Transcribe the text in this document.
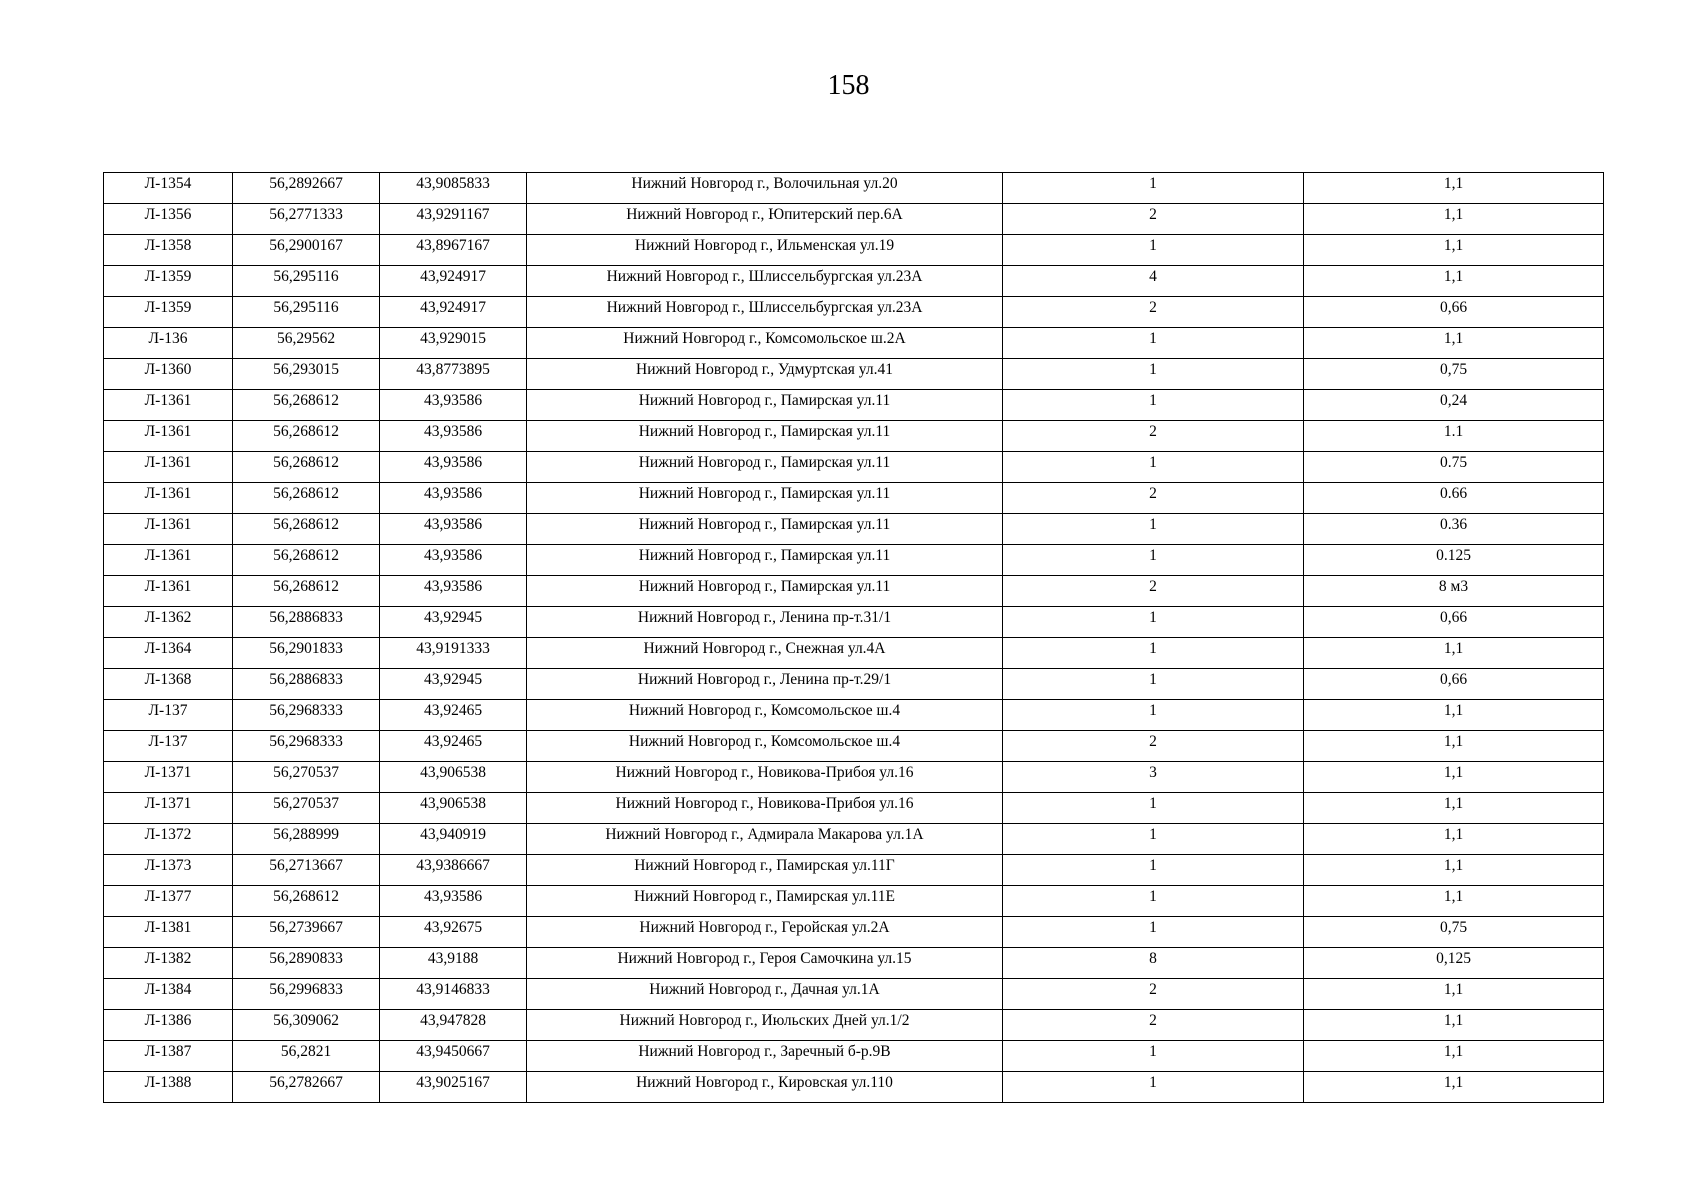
158
Л-1354	56,2892667	43,9085833	Нижний Новгород г., Волочильная ул.20	1	1,1
Л-1356	56,2771333	43,9291167	Нижний Новгород г., Юпитерский пер.6А	2	1,1
Л-1358	56,2900167	43,8967167	Нижний Новгород г., Ильменская ул.19	1	1,1
Л-1359	56,295116	43,924917	Нижний Новгород г., Шлиссельбургская ул.23А	4	1,1
Л-1359	56,295116	43,924917	Нижний Новгород г., Шлиссельбургская ул.23А	2	0,66
Л-136	56,29562	43,929015	Нижний Новгород г., Комсомольское ш.2А	1	1,1
Л-1360	56,293015	43,8773895	Нижний Новгород г., Удмуртская ул.41	1	0,75
Л-1361	56,268612	43,93586	Нижний Новгород г., Памирская ул.11	1	0,24
Л-1361	56,268612	43,93586	Нижний Новгород г., Памирская ул.11	2	1.1
Л-1361	56,268612	43,93586	Нижний Новгород г., Памирская ул.11	1	0.75
Л-1361	56,268612	43,93586	Нижний Новгород г., Памирская ул.11	2	0.66
Л-1361	56,268612	43,93586	Нижний Новгород г., Памирская ул.11	1	0.36
Л-1361	56,268612	43,93586	Нижний Новгород г., Памирская ул.11	1	0.125
Л-1361	56,268612	43,93586	Нижний Новгород г., Памирская ул.11	2	8 м3
Л-1362	56,2886833	43,92945	Нижний Новгород г., Ленина пр-т.31/1	1	0,66
Л-1364	56,2901833	43,9191333	Нижний Новгород г., Снежная ул.4А	1	1,1
Л-1368	56,2886833	43,92945	Нижний Новгород г., Ленина пр-т.29/1	1	0,66
Л-137	56,2968333	43,92465	Нижний Новгород г., Комсомольское ш.4	1	1,1
Л-137	56,2968333	43,92465	Нижний Новгород г., Комсомольское ш.4	2	1,1
Л-1371	56,270537	43,906538	Нижний Новгород г., Новикова-Прибоя ул.16	3	1,1
Л-1371	56,270537	43,906538	Нижний Новгород г., Новикова-Прибоя ул.16	1	1,1
Л-1372	56,288999	43,940919	Нижний Новгород г., Адмирала Макарова ул.1А	1	1,1
Л-1373	56,2713667	43,9386667	Нижний Новгород г., Памирская ул.11Г	1	1,1
Л-1377	56,268612	43,93586	Нижний Новгород г., Памирская ул.11Е	1	1,1
Л-1381	56,2739667	43,92675	Нижний Новгород г., Геройская ул.2А	1	0,75
Л-1382	56,2890833	43,9188	Нижний Новгород г., Героя Самочкина ул.15	8	0,125
Л-1384	56,2996833	43,9146833	Нижний Новгород г., Дачная ул.1А	2	1,1
Л-1386	56,309062	43,947828	Нижний Новгород г., Июльских Дней ул.1/2	2	1,1
Л-1387	56,2821	43,9450667	Нижний Новгород г., Заречный б-р.9В	1	1,1
Л-1388	56,2782667	43,9025167	Нижний Новгород г., Кировская ул.110	1	1,1
